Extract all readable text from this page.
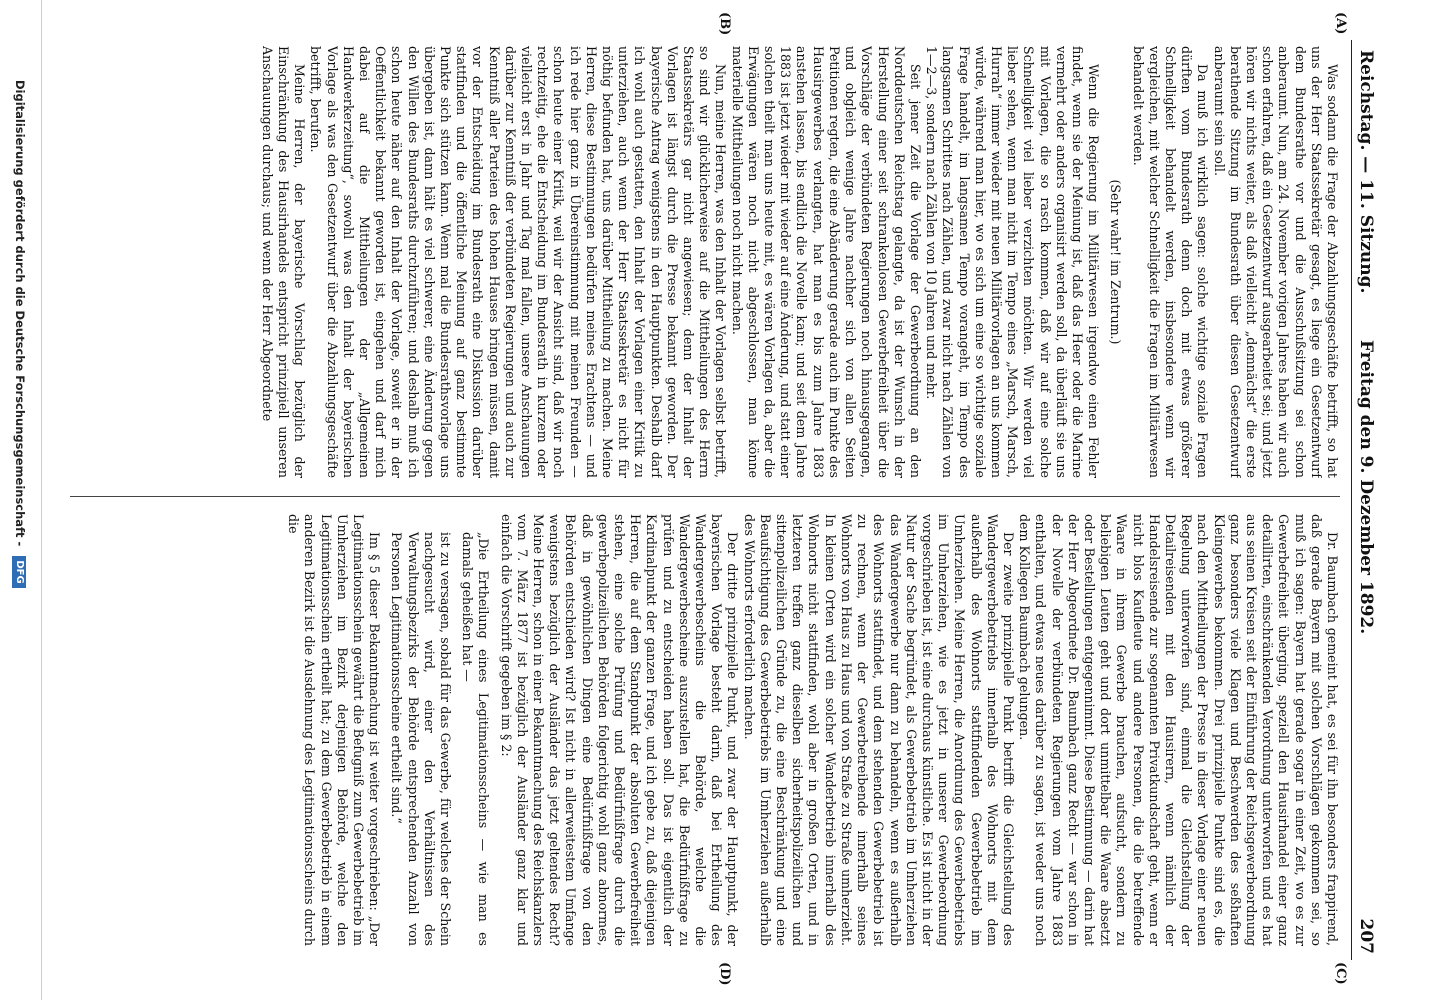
Reichstag. — 11. Sitzung.
Freitag den 9. Dezember 1892.
207
(A)
(B)
(C)
(D)

Was sodann die Frage der Abzahlungsgeschäfte betrifft, so hat uns der Herr Staatssekretär gesagt, es liege ein Gesetzentwurf dem Bundesrathe vor und die Ausschußsitzung sei schon anberaumt. Nun, am 24. November vorigen Jahres haben wir auch schon erfahren, daß ein Gesetzentwurf ausgearbeitet sei; und jetzt hören wir nichts weiter, als daß vielleicht „demnächst“ die erste berathende Sitzung im Bundesrath über diesen Gesetzentwurf anberaumt sein soll.

Da muß ich wirklich sagen: solche wichtige soziale Fragen dürften vom Bundesrath denn doch mit etwas größerer Schnelligkeit behandelt werden, insbesondere wenn wir vergleichen, mit welcher Schnelligkeit die Fragen im Militärwesen behandelt werden.

(Sehr wahr! im Zentrum.)

Wenn die Regierung im Militärwesen irgendwo einen Fehler findet, wenn sie der Meinung ist, daß das Heer oder die Marine vermehrt oder anders organisirt werden soll, da überläuft sie uns mit Vorlagen, die so rasch kommen, daß wir auf eine solche Schnelligkeit viel lieber verzichten möchten. Wir werden viel lieber sehen, wenn man nicht im Tempo eines „Marsch, Marsch, Hurrah“ immer wieder mit neuen Militärvorlagen an uns kommen würde, während man hier, wo es sich um eine so wichtige soziale Frage handelt, im langsamen Tempo vorangeht, im Tempo des langsamen Schrittes nach Zählen, und zwar nicht nach Zählen von 1—2—3, sondern nach Zählen von 10 Jahren und mehr.

Seit jener Zeit die Vorlage der Gewerbeordnung an den Norddeutschen Reichstag gelangte, da ist der Wunsch in der Herstellung einer seit schrankenlosen Gewerbefreiheit über die Vorschläge der verbündeten Regierungen noch hinausgegangen, und obgleich wenige Jahre nachher sich von allen Seiten Petitionen regten, die eine Abänderung gerade auch im Punkte des Hausirgewerbes verlangten, hat man es bis zum Jahre 1883 anstehen lassen, bis endlich die Novelle kam; und seit dem Jahre 1883 ist jetzt wieder mit wieder auf eine Änderung, und statt einer solchen theilt man uns heute mit, es wären Vorlagen da, aber die Erwägungen wären noch nicht abgeschlossen, man könne materielle Mittheilungen noch nicht machen.

Nun, meine Herren, was den Inhalt der Vorlagen selbst betrifft, so sind wir glücklicherweise auf die Mittheilungen des Herrn Staatssekretärs gar nicht angewiesen; denn der Inhalt der Vorlagen ist längst durch die Presse bekannt geworden. Der bayerische Antrag wenigstens in den Hauptpunkten. Deshalb darf ich wohl auch gestatten, den Inhalt der Vorlagen einer Kritik zu unterziehen, auch wenn der Herr Staatssekretär es nicht für nöthig befunden hat, uns darüber Mittheilung zu machen. Meine Herren, diese Bestimmungen bedürfen meines Erachtens — und ich rede hier ganz in Übereinstimmung mit meinen Freunden — schon heute einer Kritik, weil wir der Ansicht sind, daß wir noch rechtzeitig, ehe die Entscheidung im Bundesrath in kurzem oder vielleicht erst in Jahr und Tag mal fallen, unsere Anschauungen darüber zur Kenntniß der verbündeten Regierungen und auch zur Kenntniß aller Parteien des hohen Hauses bringen müssen, damit vor der Entscheidung im Bundesrath eine Diskussion darüber stattfinden und die öffentliche Meinung auf ganz bestimmte Punkte sich stützen kann. Wenn mal die Bundesrathsvorlage uns übergeben ist, dann hält es viel schwerer, eine Änderung gegen den Willen des Bundesraths durchzuführen; und deshalb muß ich schon heute näher auf den Inhalt der Vorlage, soweit er in der Oeffentlichkeit bekannt geworden ist, eingehen und darf mich dabei auf die Mittheilungen der „Allgemeinen Handwerkerzeitung“, sowohl was den Inhalt der bayerischen Vorlage als was den Gesetzentwurf über die Abzahlungsgeschäfte betrifft, berufen.

Meine Herren, der bayerische Vorschlag bezüglich der Einschränkung des Hausirhandels entspricht prinzipiell unseren Anschauungen durchaus; und wenn der Herr Abgeordnete

Dr. Baumbach gemeint hat, es sei für ihn besonders frappirend, daß gerade Bayern mit solchen Vorschlägen gekommen sei, so muß ich sagen: Bayern hat gerade sogar in einer Zeit, wo es zur Gewerbefreiheit überging, speziell den Hausirhandel einer ganz detaillirten, einschränkenden Verordnung unterworfen und es hat aus seinen Kreisen seit der Einführung der Reichsgewerbeordnung ganz besonders viele Klagen und Beschwerden des seßhaften Kleingewerbes bekommen. Drei prinzipielle Punkte sind es, die nach den Mittheilungen der Presse in dieser Vorlage einer neuen Regelung unterworfen sind, einmal die Gleichstellung der Detailreisenden mit den Hausirern, wenn nämlich der Handelsreisende zur sogenannten Privatkundschaft geht, wenn er nicht blos Kaufleute und andere Personen, die die betreffende Waare in ihrem Gewerbe brauchen, aufsucht, sondern zu beliebigen Leuten geht und dort unmittelbar die Waare absetzt oder Bestellungen entgegennimmt. Diese Bestimmung — darin hat der Herr Abgeordnete Dr. Baumbach ganz Recht — war schon in der Novelle der verbündeten Regierungen vom Jahre 1883 enthalten, und etwas neues darüber zu sagen, ist weder uns noch dem Kollegen Baumbach gelungen.

Der zweite prinzipielle Punkt betrifft die Gleichstellung des Wandergewerbebetriebs innerhalb des Wohnorts mit dem außerhalb des Wohnorts stattfindenden Gewerbebetrieb im Umherziehen. Meine Herren, die Anordnung des Gewerbebetriebs im Umherziehen, wie es jetzt in unserer Gewerbeordnung vorgeschrieben ist, ist eine durchaus künstliche. Es ist nicht in der Natur der Sache begründet, als Gewerbebetrieb im Umherziehen das Wandergewerbe nur dann zu behandeln, wenn es außerhalb des Wohnorts stattfindet, und dem stehenden Gewerbebetrieb ist zu rechnen, wenn der Gewerbetreibende innerhalb seines Wohnorts von Haus zu Haus und von Straße zu Straße umherzieht. In kleinen Orten wird ein solcher Wanderbetrieb innerhalb des Wohnorts nicht stattfinden, wohl aber in großen Orten, und in letzteren treffen ganz dieselben sicherheitspolizeilichen und sittenpolizeilichen Gründe zu, die eine Beschränkung und eine Beaufsichtigung des Gewerbebetriebs im Umherziehen außerhalb des Wohnorts erforderlich machen.

Der dritte prinzipielle Punkt, und zwar der Hauptpunkt, der bayerischen Vorlage besteht darin, daß bei Ertheilung des Wandergewerbescheins die Behörde, welche die Wandergewerbescheine auszustellen hat, die Bedürfnißfrage zu prüfen und zu entscheiden haben soll. Das ist eigentlich der Kardinalpunkt der ganzen Frage, und ich gebe zu, daß diejenigen Herren, die auf dem Standpunkt der absoluten Gewerbefreiheit stehen, eine solche Prüfung und Bedürfnißfrage durch die gewerbepolizeilichen Behörden folgerichtig wohl ganz abnormes, daß in gewöhnlichen Dingen eine Bedürfnißfrage von den Behörden entschieden wird? Ist nicht in allerweitestem Umfange wenigstens bezüglich der Ausländer das jetzt geltendes Recht? Meine Herren, schon in einer Bekanntmachung des Reichskanzlers vom 7. März 1877 ist bezüglich der Ausländer ganz klar und einfach die Vorschrift gegeben im § 2:

„Die Ertheilung eines Legitimationsscheins — wie man es damals geheißen hat —

ist zu versagen, sobald für das Gewerbe, für welches der Schein nachgesucht wird, einer den Verhältnissen des Verwaltungsbezirks der Behörde entsprechenden Anzahl von Personen Legitimationsscheine ertheilt sind.“

Im § 5 dieser Bekanntmachung ist weiter vorgeschrieben: „Der Legitimationsschein gewährt die Befugniß zum Gewerbebetrieb im Umherziehen im Bezirk derjenigen Behörde, welche den Legitimationsschein ertheilt hat; zu dem Gewerbebetrieb in einem anderen Bezirk ist die Ausdehnung des Legitimationsscheins durch die

Digitalisierung gefördert durch die Deutsche Forschungsgemeinschaft - DFG
